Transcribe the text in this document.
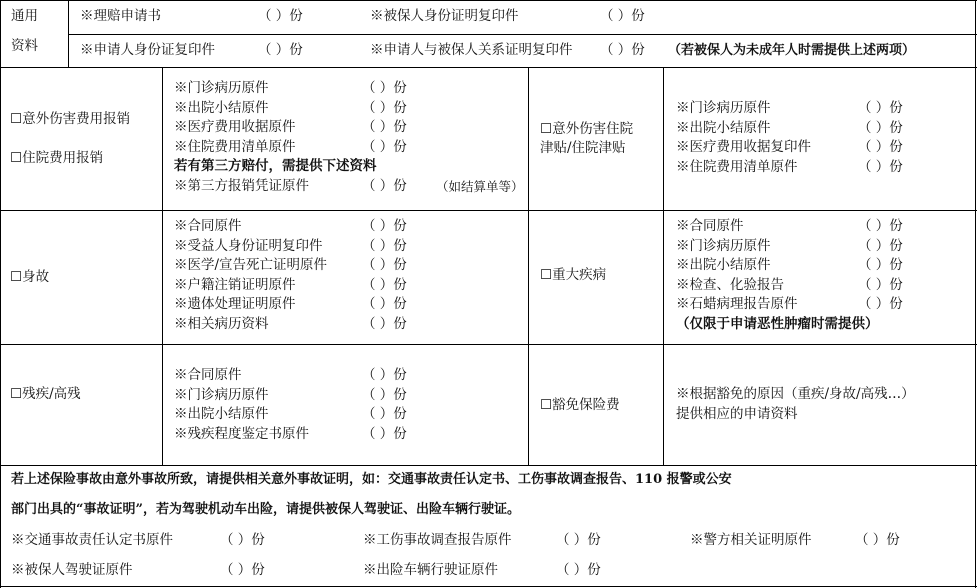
通用
资料
※理赔申请书	（ ）份	※被保人身份证明复印件	（ ）份
※申请人身份证复印件	（ ）份	※申请人与被保人关系证明复印件 （ ）份 （若被保人为未成年人时需提供上述两项）
☐意外伤害费用报销
☐住院费用报销
※门诊病历原件	（ ）份
※出院小结原件	（ ）份
※医疗费用收据原件	（ ）份
※住院费用清单原件	（ ）份
若有第三方赔付，需提供下述资料
※第三方报销凭证原件	（ ）份 （如结算单等）
☐意外伤害住院
津贴/住院津贴
※门诊病历原件	（ ）份
※出院小结原件	（ ）份
※医疗费用收据复印件	（ ）份
※住院费用清单原件	（ ）份
☐身故
※合同原件	（ ）份
※受益人身份证明复印件	（ ）份
※医学/宣告死亡证明原件	（ ）份
※户籍注销证明原件	（ ）份
※遗体处理证明原件	（ ）份
※相关病历资料	（ ）份
☐重大疾病
※合同原件	（ ）份
※门诊病历原件	（ ）份
※出院小结原件	（ ）份
※检查、化验报告	（ ）份
※石蜡病理报告原件	（ ）份
（仅限于申请恶性肿瘤时需提供）
☐残疾/高残
※合同原件	（ ）份
※门诊病历原件	（ ）份
※出院小结原件	（ ）份
※残疾程度鉴定书原件	（ ）份
☐豁免保险费
※根据豁免的原因（重疾/身故/高残…）
提供相应的申请资料
若上述保险事故由意外事故所致，请提供相关意外事故证明，如：交通事故责任认定书、工伤事故调查报告、110 报警或公安
部门出具的“事故证明”，若为驾驶机动车出险，请提供被保人驾驶证、出险车辆行驶证。
※交通事故责任认定书原件	（ ）份	※工伤事故调查报告原件	（ ）份	※警方相关证明原件	（ ）份
※被保人驾驶证原件	（ ）份	※出险车辆行驶证原件	（ ）份
